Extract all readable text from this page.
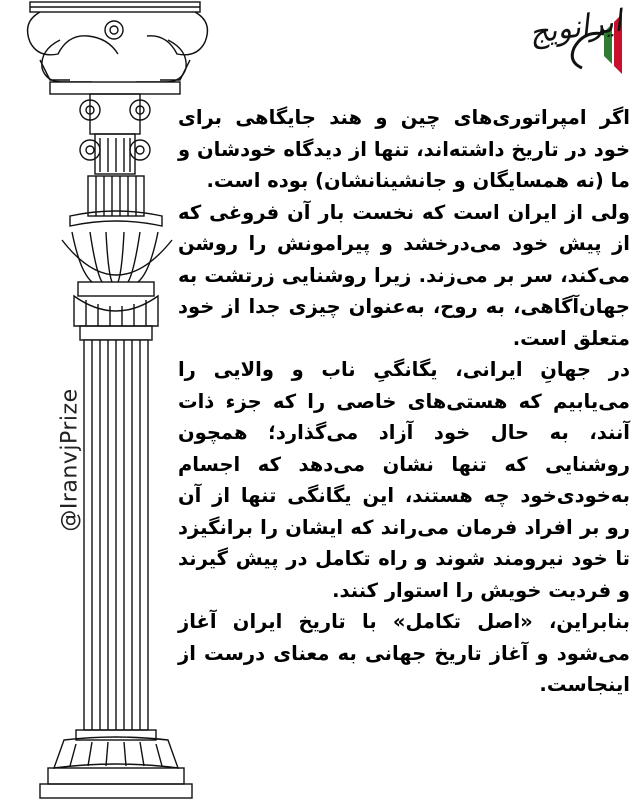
@IranvjPrize
ایرانویج

اگر امپراتوری‌های چین و هند جایگاهی برای خود در تاریخ داشته‌اند، تنها از دیدگاه خودشان و ما (نه همسایگان و جانشینانشان) بوده است.

ولی از ایران است که نخست بار آن فروغی که از پیش خود می‌درخشد و پیرامونش را روشن می‌کند، سر بر می‌زند. زیرا روشنایی زرتشت به جهان‌آگاهی، به روح، به‌عنوان چیزی جدا از خود متعلق است.

در جهانِ ایرانی، یگانگیِ ناب و والایی را می‌یابیم که هستی‌های خاصی را که جزء ذات آنند، به حال خود آزاد می‌گذارد؛ همچون روشنایی که تنها نشان می‌دهد که اجسام به‌خودی‌خود چه هستند، این یگانگی تنها از آن رو بر افراد فرمان می‌راند که ایشان را برانگیزد تا خود نیرومند شوند و راه تکامل در پیش گیرند و فردیت خویش را استوار کنند.

بنابراین، «اصل تکامل» با تاریخ ایران آغاز می‌شود و آغاز تاریخ جهانی به معنای درست از اینجاست.
